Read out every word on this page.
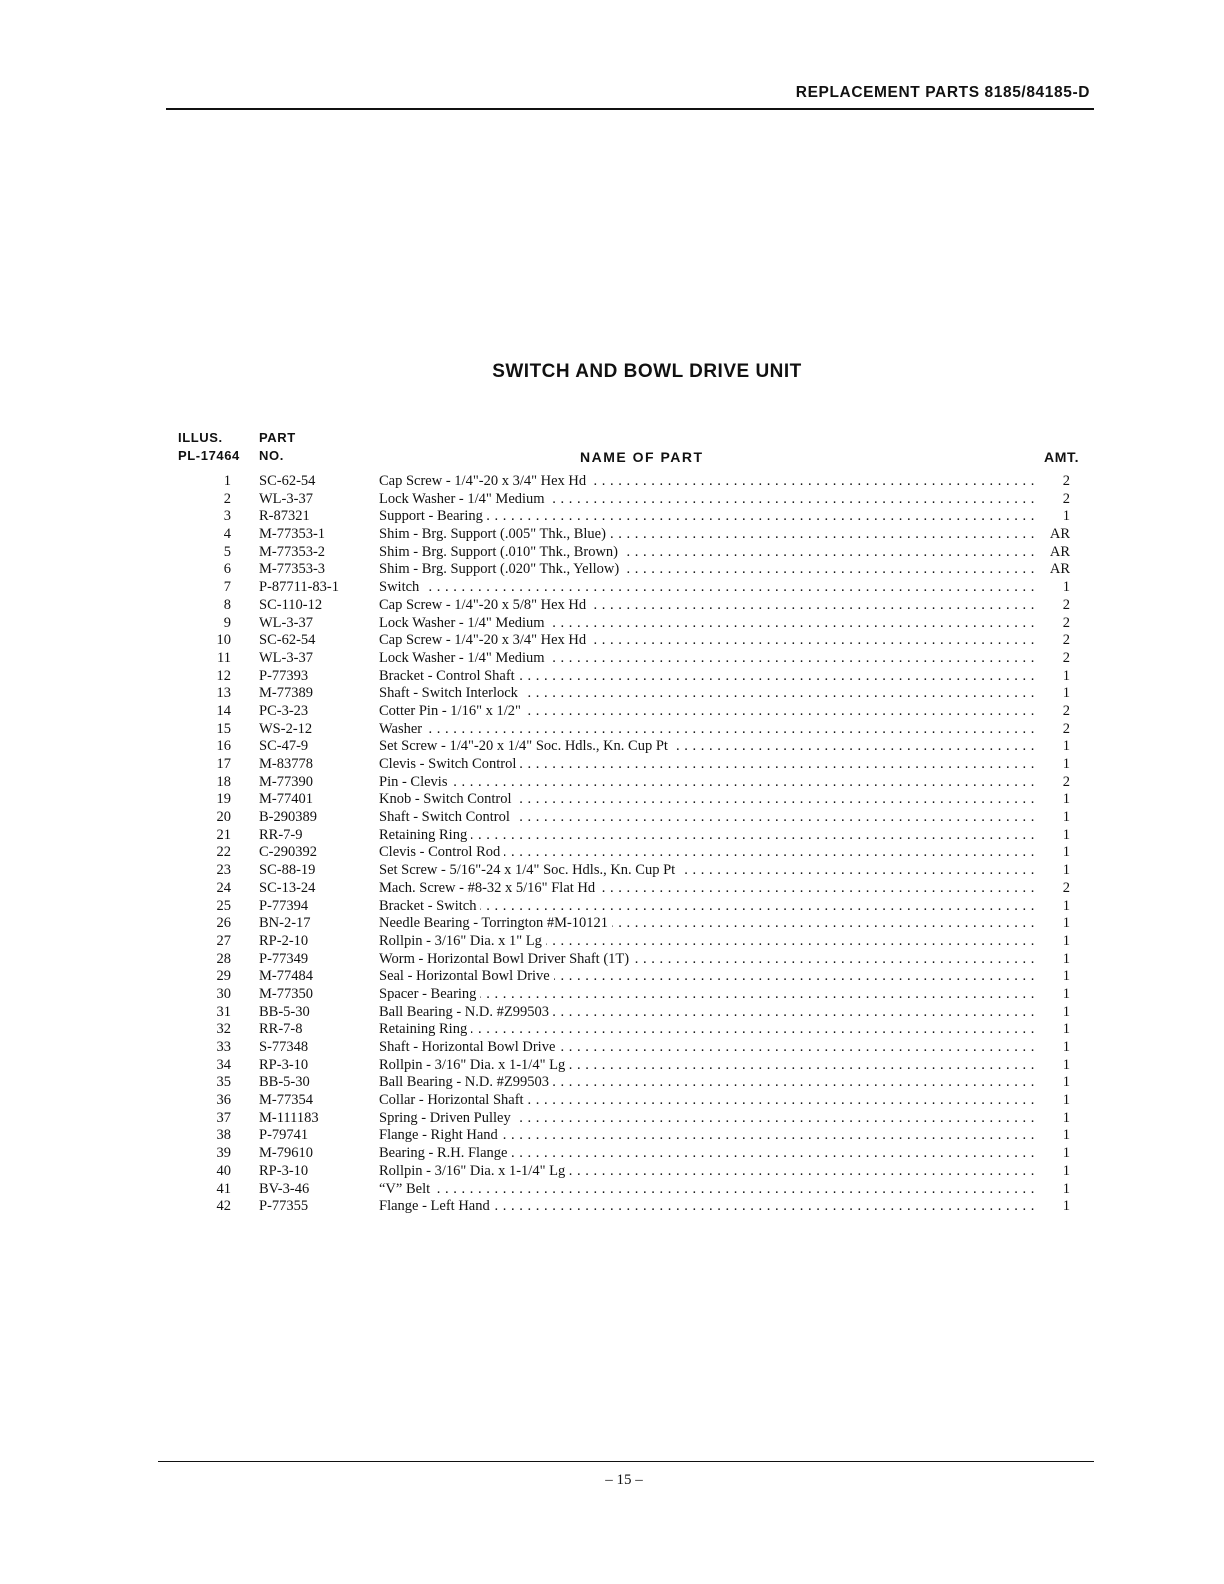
REPLACEMENT PARTS 8185/84185-D
SWITCH AND BOWL DRIVE UNIT
ILLUS.
PL-17464
PART
NO.	NAME OF PART	AMT.
1 SC-62-54	Cap Screw - 1/4"-20 x 3/4" Hex Hd . . .	2
2 WL-3-37	Lock Washer - 1/4" Medium . . .	2
3 R-87321	Support - Bearing . . .	1
4 M-77353-1	Shim - Brg. Support (.005" Thk., Blue) . . .	AR
5 M-77353-2	Shim - Brg. Support (.010" Thk., Brown) . . .	AR
6 M-77353-3	Shim - Brg. Support (.020" Thk., Yellow) . . .	AR
7 P-87711-83-1	Switch . . .	1
8 SC-110-12	Cap Screw - 1/4"-20 x 5/8" Hex Hd . . .	2
9 WL-3-37	Lock Washer - 1/4" Medium . . .	2
10 SC-62-54	Cap Screw - 1/4"-20 x 3/4" Hex Hd . . .	2
11 WL-3-37	Lock Washer - 1/4" Medium . . .	2
12 P-77393	Bracket - Control Shaft . . .	1
13 M-77389	Shaft - Switch Interlock . . .	1
14 PC-3-23	Cotter Pin - 1/16" x 1/2" . . .	2
15 WS-2-12	Washer . . .	2
16 SC-47-9	Set Screw - 1/4"-20 x 1/4" Soc. Hdls., Kn. Cup Pt . . .	1
17 M-83778	Clevis - Switch Control . . .	1
18 M-77390	Pin - Clevis . . .	2
19 M-77401	Knob - Switch Control . . .	1
20 B-290389	Shaft - Switch Control . . .	1
21 RR-7-9	Retaining Ring . . .	1
22 C-290392	Clevis - Control Rod . . .	1
23 SC-88-19	Set Screw - 5/16"-24 x 1/4" Soc. Hdls., Kn. Cup Pt . . .	1
24 SC-13-24	Mach. Screw - #8-32 x 5/16" Flat Hd . . .	2
25 P-77394	Bracket - Switch . . .	1
26 BN-2-17	Needle Bearing - Torrington #M-10121 . . .	1
27 RP-2-10	Rollpin - 3/16" Dia. x 1" Lg . . .	1
28 P-77349	Worm - Horizontal Bowl Driver Shaft (1T) . . .	1
29 M-77484	Seal - Horizontal Bowl Drive . . .	1
30 M-77350	Spacer - Bearing . . .	1
31 BB-5-30	Ball Bearing - N.D. #Z99503 . . .	1
32 RR-7-8	Retaining Ring . . .	1
33 S-77348	Shaft - Horizontal Bowl Drive . . .	1
34 RP-3-10	Rollpin - 3/16" Dia. x 1-1/4" Lg . . .	1
35 BB-5-30	Ball Bearing - N.D. #Z99503 . . .	1
36 M-77354	Collar - Horizontal Shaft . . .	1
37 M-111183	Spring - Driven Pulley . . .	1
38 P-79741	Flange - Right Hand . . .	1
39 M-79610	Bearing - R.H. Flange . . .	1
40 RP-3-10	Rollpin - 3/16" Dia. x 1-1/4" Lg . . .	1
41 BV-3-46	“V” Belt . . .	1
42 P-77355	Flange - Left Hand . . .	1
– 15 –
